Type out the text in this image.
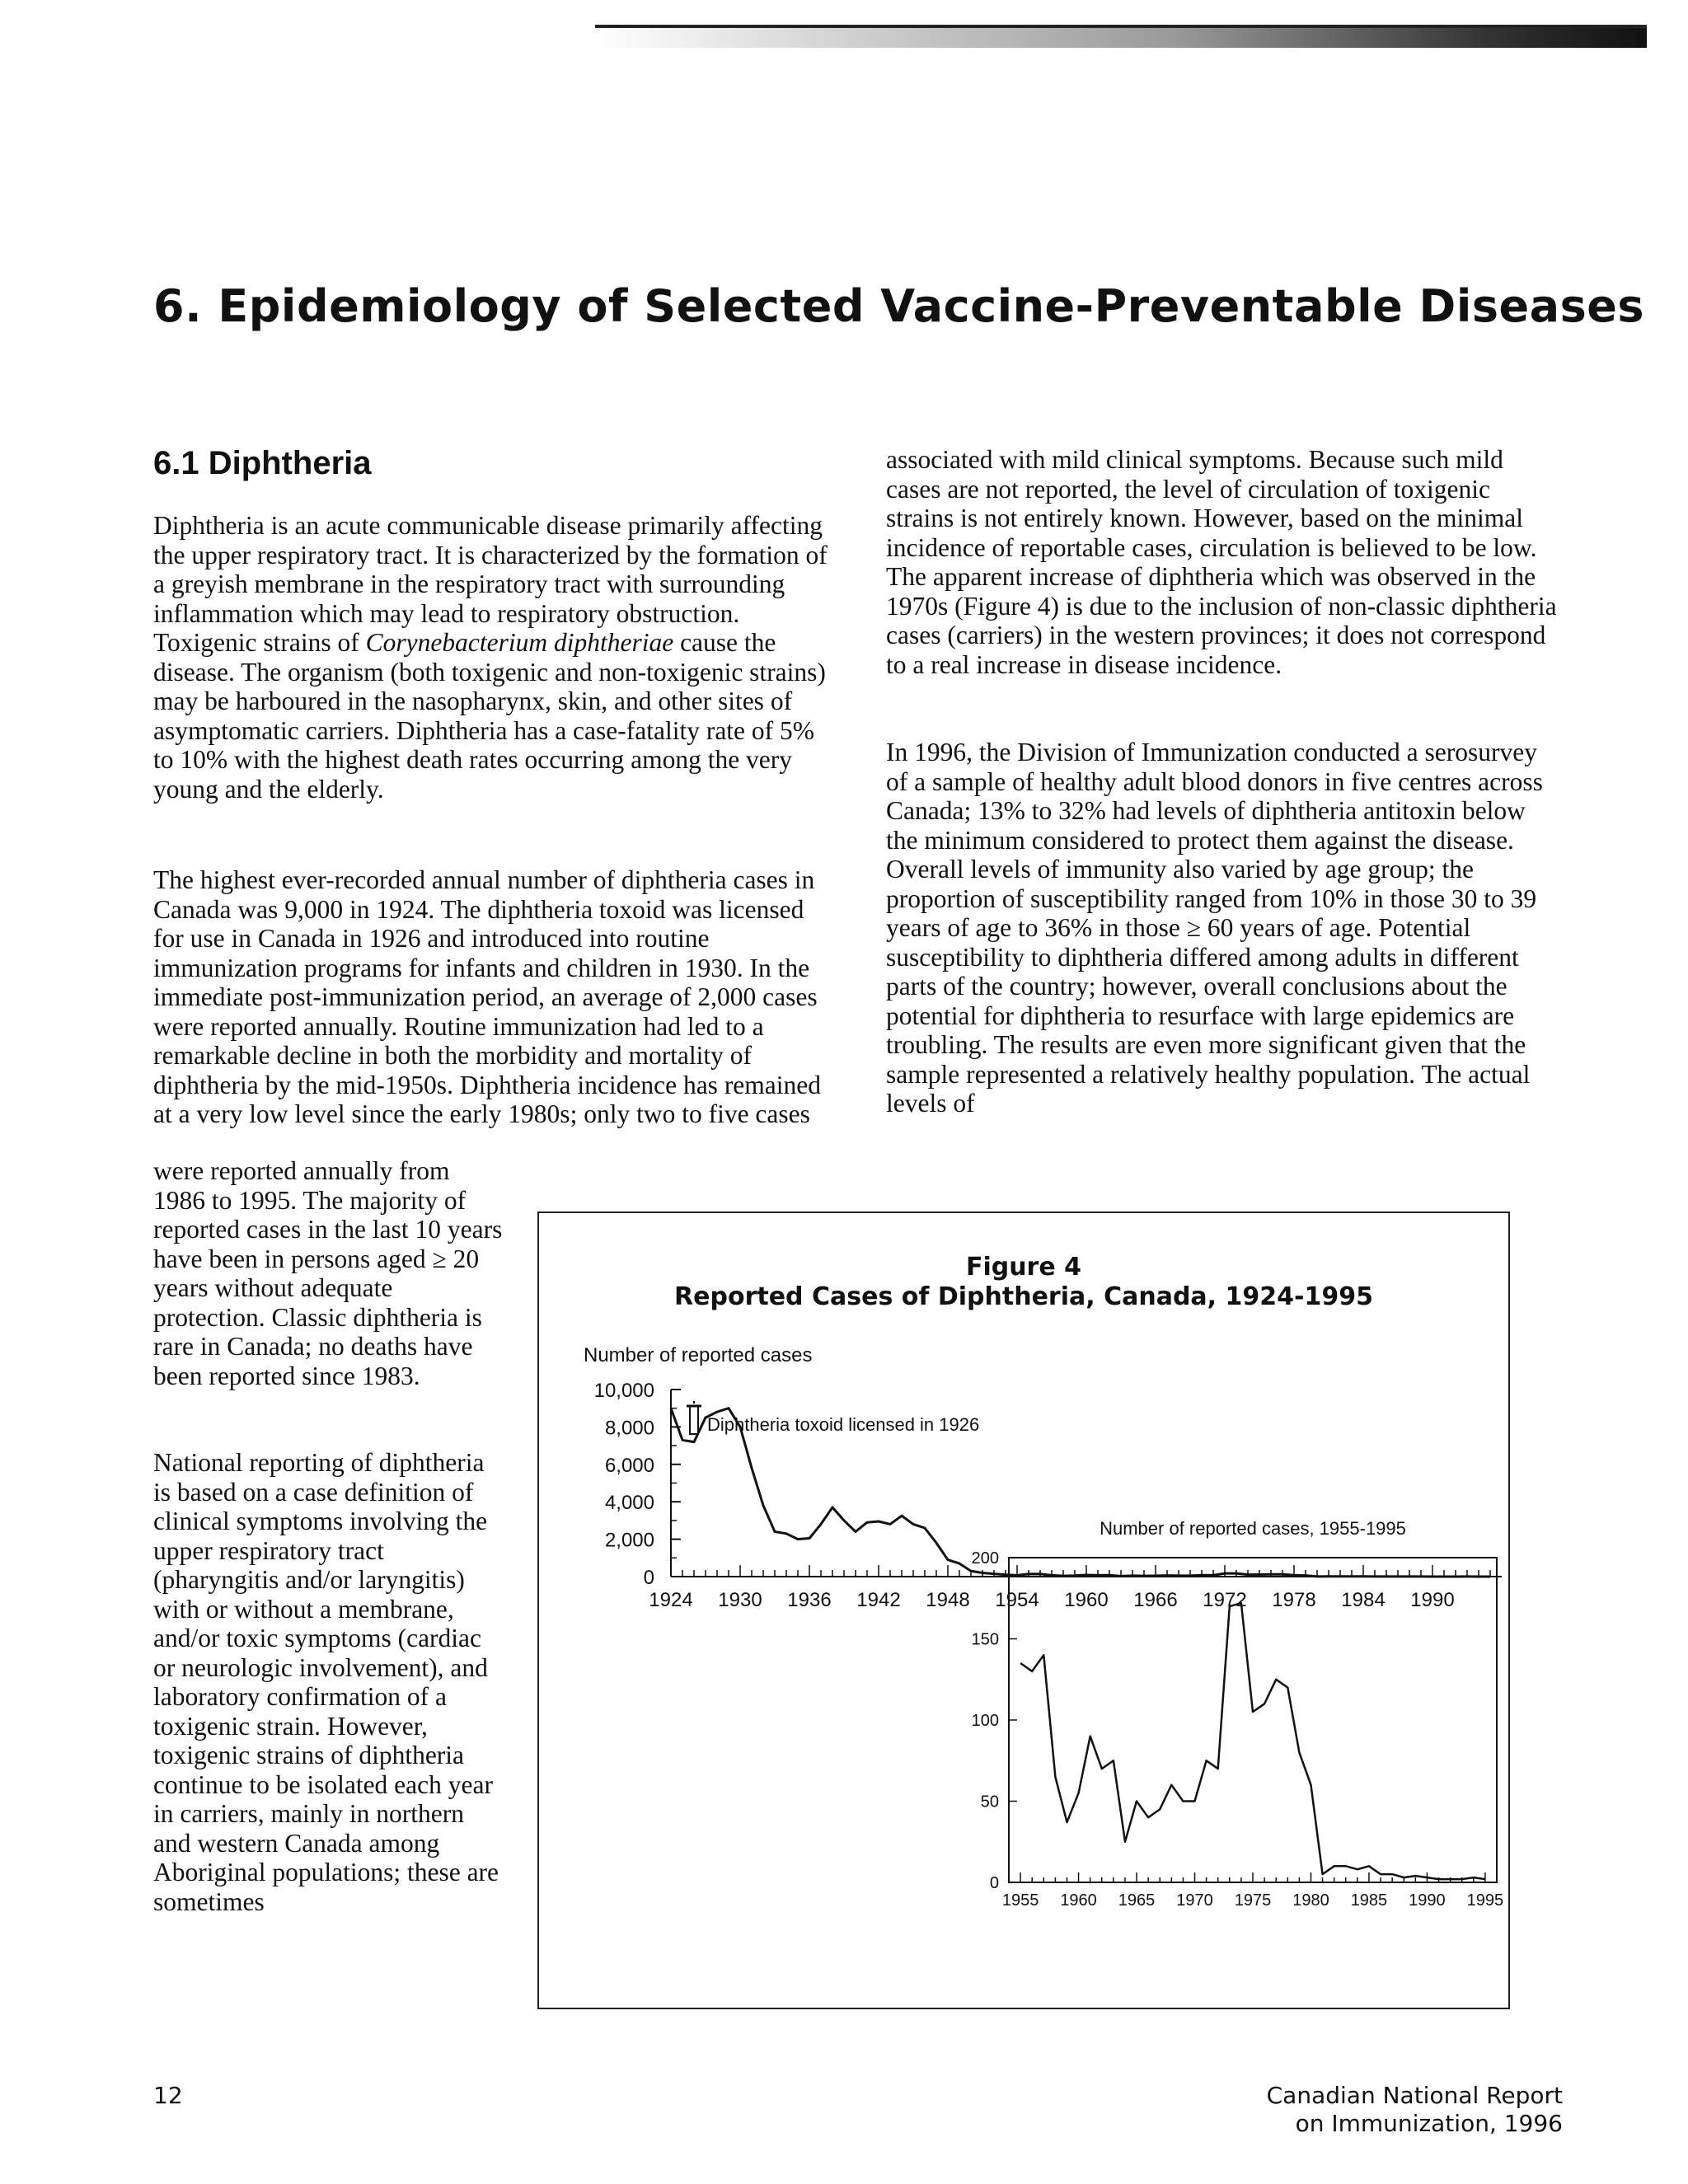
6. Epidemiology of Selected Vaccine-Preventable Diseases
6.1 Diphtheria

Diphtheria is an acute communicable disease primarily affecting the upper respiratory tract. It is characterized by the formation of a greyish membrane in the respiratory tract with surrounding inflammation which may lead to respiratory obstruction. Toxigenic strains of Corynebacterium diphtheriae cause the disease. The organism (both toxigenic and non-toxigenic strains) may be harboured in the nasopharynx, skin, and other sites of asymptomatic carriers. Diphtheria has a case-fatality rate of 5% to 10% with the highest death rates occurring among the very young and the elderly.

The highest ever-recorded annual number of diphtheria cases in Canada was 9,000 in 1924. The diphtheria toxoid was licensed for use in Canada in 1926 and introduced into routine immunization programs for infants and children in 1930. In the immediate post-immunization period, an average of 2,000 cases were reported annually. Routine immunization had led to a remarkable decline in both the morbidity and mortality of diphtheria by the mid-1950s. Diphtheria incidence has remained at a very low level since the early 1980s; only two to five cases

were reported annually from 1986 to 1995. The majority of reported cases in the last 10 years have been in persons aged ≥ 20 years without adequate protection. Classic diphtheria is rare in Canada; no deaths have been reported since 1983.

National reporting of diphtheria is based on a case definition of clinical symptoms involving the upper respiratory tract (pharyngitis and/or laryngitis) with or without a membrane, and/or toxic symptoms (cardiac or neurologic involvement), and laboratory confirmation of a toxigenic strain. However, toxigenic strains of diphtheria continue to be isolated each year in carriers, mainly in northern and western Canada among Aboriginal populations; these are sometimes

associated with mild clinical symptoms. Because such mild cases are not reported, the level of circulation of toxigenic strains is not entirely known. However, based on the minimal incidence of reportable cases, circulation is believed to be low. The apparent increase of diphtheria which was observed in the 1970s (Figure 4) is due to the inclusion of non-classic diphtheria cases (carriers) in the western provinces; it does not correspond to a real increase in disease incidence.

In 1996, the Division of Immunization conducted a serosurvey of a sample of healthy adult blood donors in five centres across Canada; 13% to 32% had levels of diphtheria antitoxin below the minimum considered to protect them against the disease. Overall levels of immunity also varied by age group; the proportion of susceptibility ranged from 10% in those 30 to 39 years of age to 36% in those ≥ 60 years of age. Potential susceptibility to diphtheria differed among adults in different parts of the country; however, overall conclusions about the potential for diphtheria to resurface with large epidemics are troubling. The results are even more significant given that the sample represented a relatively healthy population. The actual levels of

Figure 4
Reported Cases of Diphtheria, Canada, 1924-1995
Number of reported cases
0
2,000
4,000
6,000
8,000
10,000
1924 1930 1936 1942 1948 1954 1960 1966 1972 1978 1984 1990
Diphtheria toxoid licensed in 1926
Number of reported cases, 1955-1995
0
50
100
150
200
1955 1960 1965 1970 1975 1980 1985 1990 1995
12	Canadian National Report
on Immunization, 1996
